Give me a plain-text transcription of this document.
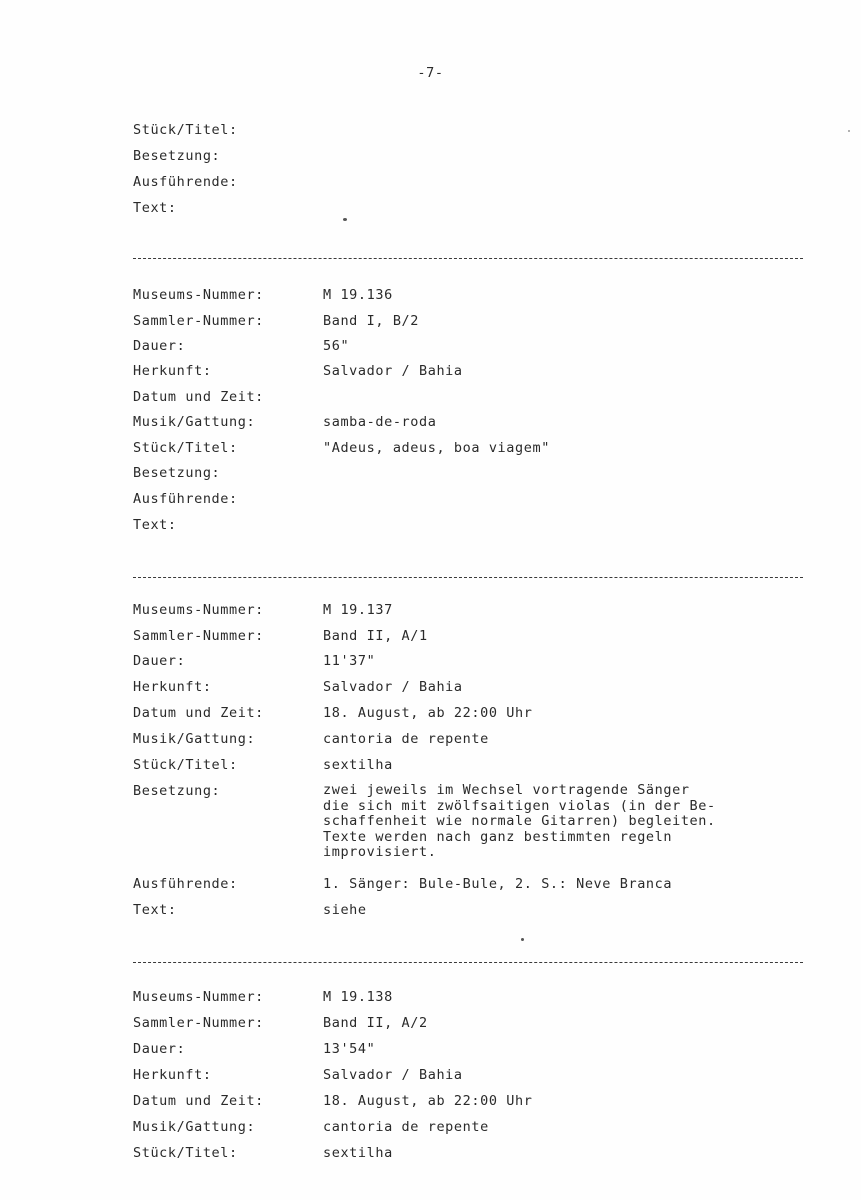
-7-
Stück/Titel:
Besetzung:
Ausführende:
Text:
Museums-Nummer:	M 19.136
Sammler-Nummer:	Band I, B/2
Dauer:	56"
Herkunft:	Salvador / Bahia
Datum und Zeit:
Musik/Gattung:	samba-de-roda
Stück/Titel:	"Adeus, adeus, boa viagem"
Besetzung:
Ausführende:
Text:
Museums-Nummer:	M 19.137
Sammler-Nummer:	Band II, A/1
Dauer:	11'37"
Herkunft:	Salvador / Bahia
Datum und Zeit:	18. August, ab 22:00 Uhr
Musik/Gattung:	cantoria de repente
Stück/Titel:	sextilha
Besetzung:	zwei jeweils im Wechsel vortragende Sänger
die sich mit zwölfsaitigen violas (in der Be-
schaffenheit wie normale Gitarren) begleiten.
Texte werden nach ganz bestimmten regeln
improvisiert.
Ausführende:	1. Sänger: Bule-Bule, 2. S.: Neve Branca
Text:	siehe
Museums-Nummer:	M 19.138
Sammler-Nummer:	Band II, A/2
Dauer:	13'54"
Herkunft:	Salvador / Bahia
Datum und Zeit:	18. August, ab 22:00 Uhr
Musik/Gattung:	cantoria de repente
Stück/Titel:	sextilha
